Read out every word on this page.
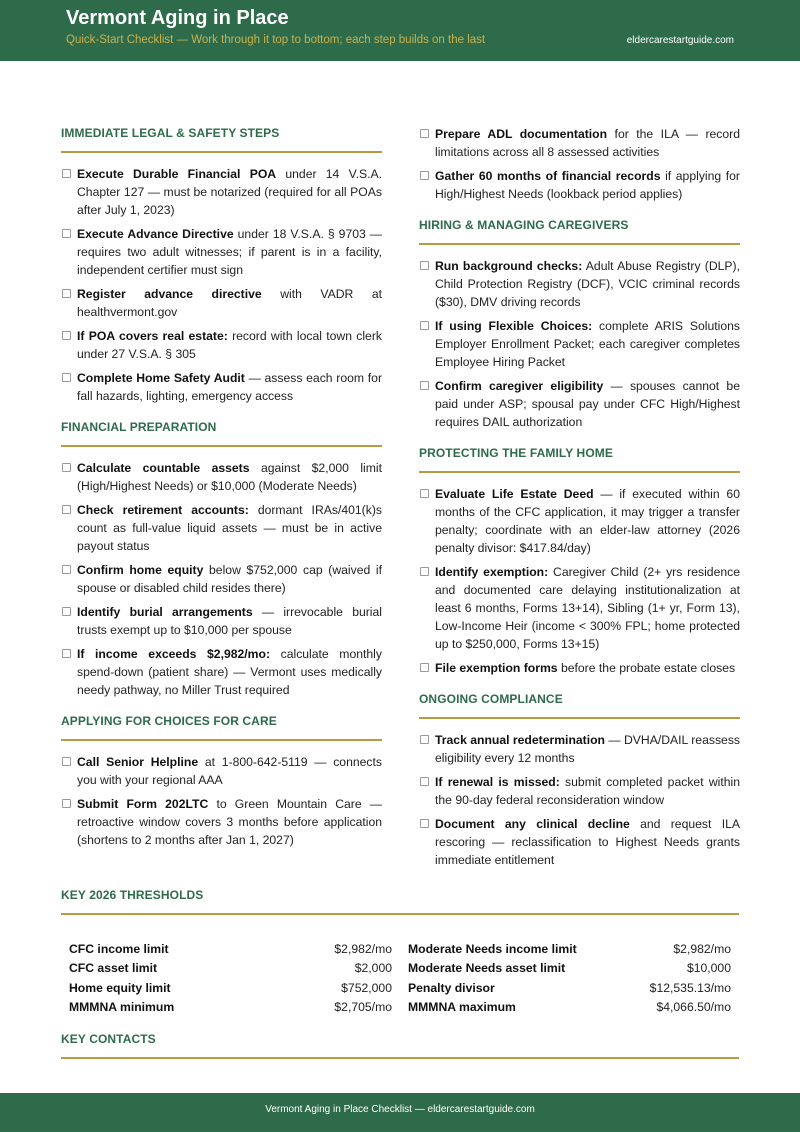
Vermont Aging in Place
Quick-Start Checklist — Work through it top to bottom; each step builds on the last	eldercarestartguide.com
IMMEDIATE LEGAL & SAFETY STEPS
Execute Durable Financial POA under 14 V.S.A. Chapter 127 — must be notarized (required for all POAs after July 1, 2023)
Execute Advance Directive under 18 V.S.A. § 9703 — requires two adult witnesses; if parent is in a facility, independent certifier must sign
Register advance directive with VADR at healthvermont.gov
If POA covers real estate: record with local town clerk under 27 V.S.A. § 305
Complete Home Safety Audit — assess each room for fall hazards, lighting, emergency access
FINANCIAL PREPARATION
Calculate countable assets against $2,000 limit (High/Highest Needs) or $10,000 (Moderate Needs)
Check retirement accounts: dormant IRAs/401(k)s count as full-value liquid assets — must be in active payout status
Confirm home equity below $752,000 cap (waived if spouse or disabled child resides there)
Identify burial arrangements — irrevocable burial trusts exempt up to $10,000 per spouse
If income exceeds $2,982/mo: calculate monthly spend-down (patient share) — Vermont uses medically needy pathway, no Miller Trust required
APPLYING FOR CHOICES FOR CARE
Call Senior Helpline at 1-800-642-5119 — connects you with your regional AAA
Submit Form 202LTC to Green Mountain Care — retroactive window covers 3 months before application (shortens to 2 months after Jan 1, 2027)
Prepare ADL documentation for the ILA — record limitations across all 8 assessed activities
Gather 60 months of financial records if applying for High/Highest Needs (lookback period applies)
HIRING & MANAGING CAREGIVERS
Run background checks: Adult Abuse Registry (DLP), Child Protection Registry (DCF), VCIC criminal records ($30), DMV driving records
If using Flexible Choices: complete ARIS Solutions Employer Enrollment Packet; each caregiver completes Employee Hiring Packet
Confirm caregiver eligibility — spouses cannot be paid under ASP; spousal pay under CFC High/Highest requires DAIL authorization
PROTECTING THE FAMILY HOME
Evaluate Life Estate Deed — if executed within 60 months of the CFC application, it may trigger a transfer penalty; coordinate with an elder-law attorney (2026 penalty divisor: $417.84/day)
Identify exemption: Caregiver Child (2+ yrs residence and documented care delaying institutionalization at least 6 months, Forms 13+14), Sibling (1+ yr, Form 13), Low-Income Heir (income < 300% FPL; home protected up to $250,000, Forms 13+15)
File exemption forms before the probate estate closes
ONGOING COMPLIANCE
Track annual redetermination — DVHA/DAIL reassess eligibility every 12 months
If renewal is missed: submit completed packet within the 90-day federal reconsideration window
Document any clinical decline and request ILA rescoring — reclassification to Highest Needs grants immediate entitlement
KEY 2026 THRESHOLDS
CFC income limit	$2,982/mo
CFC asset limit	$2,000
Home equity limit	$752,000
MMMNA minimum	$2,705/mo
Moderate Needs income limit	$2,982/mo
Moderate Needs asset limit	$10,000
Penalty divisor	$12,535.13/mo
MMMNA maximum	$4,066.50/mo
KEY CONTACTS
Vermont Aging in Place Checklist — eldercarestartguide.com
